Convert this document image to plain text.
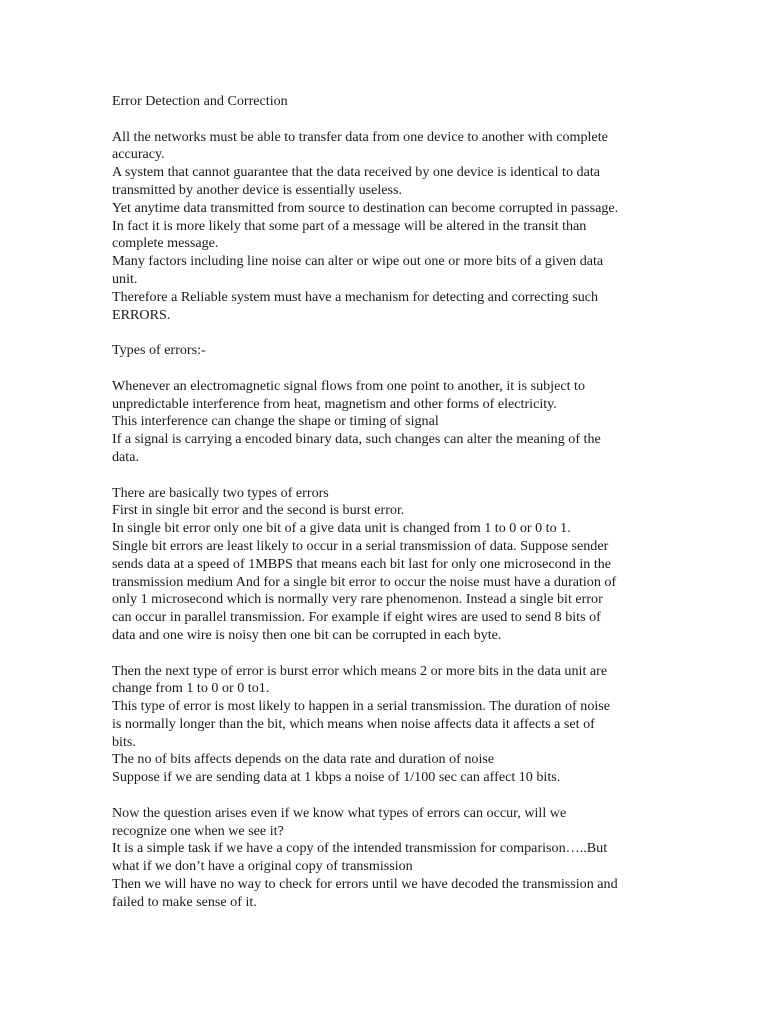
Error Detection and Correction

All the networks must be able to transfer data from one device to another with complete
accuracy.

A system that cannot guarantee that the data received by one device is identical to data
transmitted by another device is essentially useless.

Yet anytime data transmitted from source to destination can become corrupted in passage.

In fact it is more likely that some part of a message will be altered in the transit than
complete message.

Many factors including line noise can alter or wipe out one or more bits of a given data
unit.

Therefore a Reliable system must have a mechanism for detecting and correcting such
ERRORS.

Types of errors:-

Whenever an electromagnetic signal flows from one point to another, it is subject to
unpredictable interference from heat, magnetism and other forms of electricity.

This interference can change the shape or timing of signal

If a signal is carrying a encoded binary data, such changes can alter the meaning of the
data.

There are basically two types of errors

First in single bit error and the second is burst error.

In single bit error only one bit of a give data unit is changed from 1 to 0 or 0 to 1.

Single bit errors are least likely to occur in a serial transmission of data. Suppose sender
sends data at a speed of 1MBPS that means each bit last for only one microsecond in the
transmission medium And for a single bit error to occur the noise must have a duration of
only 1 microsecond which is normally very rare phenomenon. Instead a single bit error
can occur in parallel transmission. For example if eight wires are used to send 8 bits of
data and one wire is noisy then one bit can be corrupted in each byte.

Then the next type of error is burst error which means 2 or more bits in the data unit are
change from 1 to 0 or 0 to1.

This type of error is most likely to happen in a serial transmission. The duration of noise
is normally longer than the bit, which means when noise affects data it affects a set of
bits.

The no of bits affects depends on the data rate and duration of noise

Suppose if we are sending data at 1 kbps a noise of 1/100 sec can affect 10 bits.

Now the question arises even if we know what types of errors can occur, will we
recognize one when we see it?

It is a simple task if we have a copy of the intended transmission for comparison…..But
what if we don’t have a original copy of transmission

Then we will have no way to check for errors until we have decoded the transmission and
failed to make sense of it.
